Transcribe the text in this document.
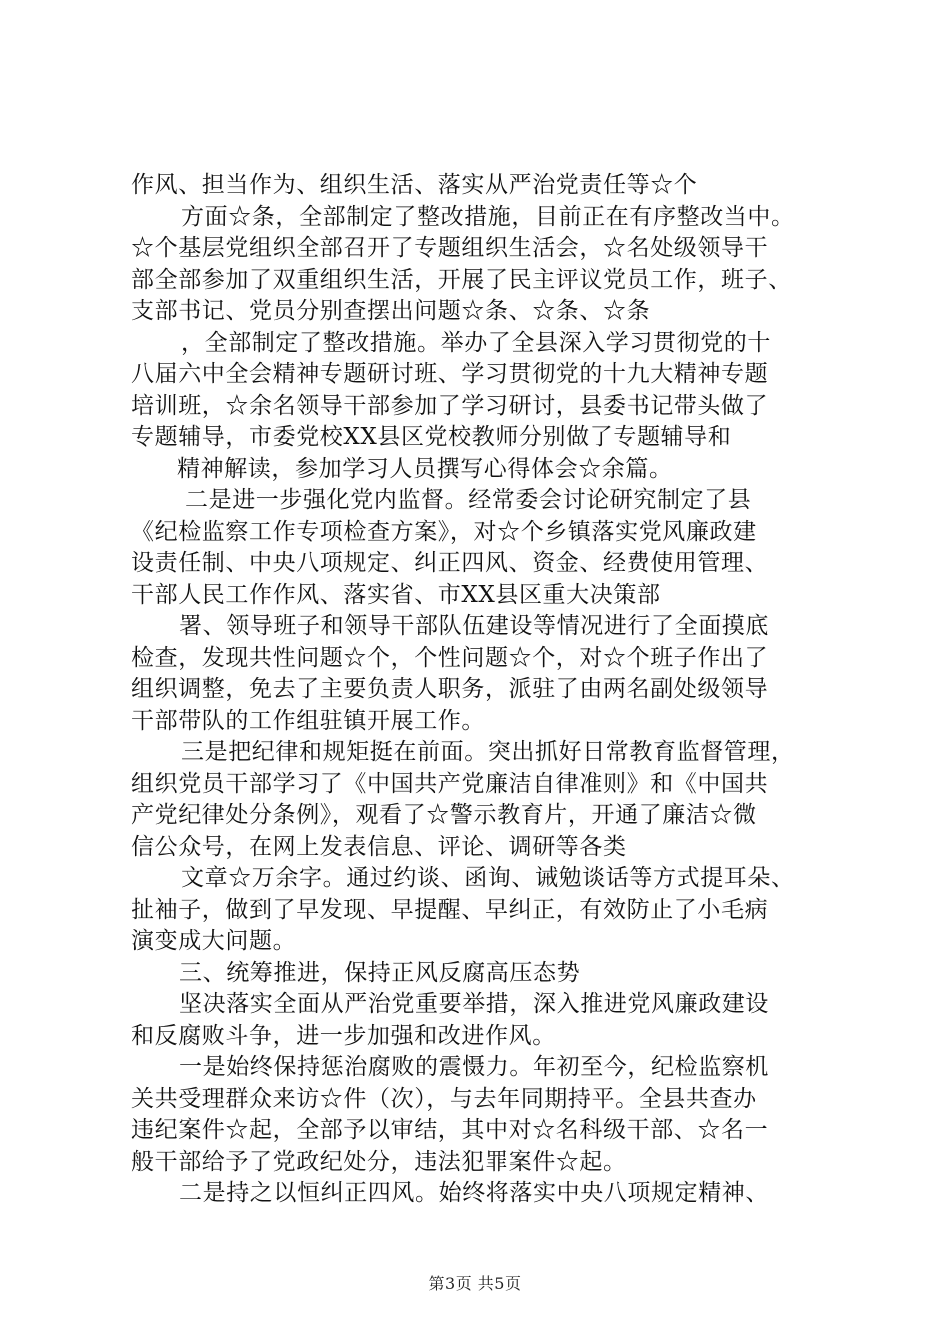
作风、担当作为、组织生活、落实从严治党责任等☆个
方面☆条，全部制定了整改措施，目前正在有序整改当中。
☆个基层党组织全部召开了专题组织生活会，☆名处级领导干
部全部参加了双重组织生活，开展了民主评议党员工作，班子、
支部书记、党员分别查摆出问题☆条、☆条、☆条
，全部制定了整改措施。举办了全县深入学习贯彻党的十
八届六中全会精神专题研讨班、学习贯彻党的十九大精神专题
培训班，☆余名领导干部参加了学习研讨，县委书记带头做了
专题辅导，市委党校XX县区党校教师分别做了专题辅导和
精神解读，参加学习人员撰写心得体会☆余篇。
二是进一步强化党内监督。经常委会讨论研究制定了县
《纪检监察工作专项检查方案》，对☆个乡镇落实党风廉政建
设责任制、中央八项规定、纠正四风、资金、经费使用管理、
干部人民工作作风、落实省、市XX县区重大决策部
署、领导班子和领导干部队伍建设等情况进行了全面摸底
检查，发现共性问题☆个，个性问题☆个，对☆个班子作出了
组织调整，免去了主要负责人职务，派驻了由两名副处级领导
干部带队的工作组驻镇开展工作。
三是把纪律和规矩挺在前面。突出抓好日常教育监督管理，
组织党员干部学习了《中国共产党廉洁自律准则》和《中国共
产党纪律处分条例》，观看了☆警示教育片，开通了廉洁☆微
信公众号，在网上发表信息、评论、调研等各类
文章☆万余字。通过约谈、函询、诫勉谈话等方式提耳朵、
扯袖子，做到了早发现、早提醒、早纠正，有效防止了小毛病
演变成大问题。
三、统筹推进，保持正风反腐高压态势
坚决落实全面从严治党重要举措，深入推进党风廉政建设
和反腐败斗争，进一步加强和改进作风。
一是始终保持惩治腐败的震慑力。年初至今，纪检监察机
关共受理群众来访☆件（次），与去年同期持平。全县共查办
违纪案件☆起，全部予以审结，其中对☆名科级干部、☆名一
般干部给予了党政纪处分，违法犯罪案件☆起。
二是持之以恒纠正四风。始终将落实中央八项规定精神、
第3页 共5页
